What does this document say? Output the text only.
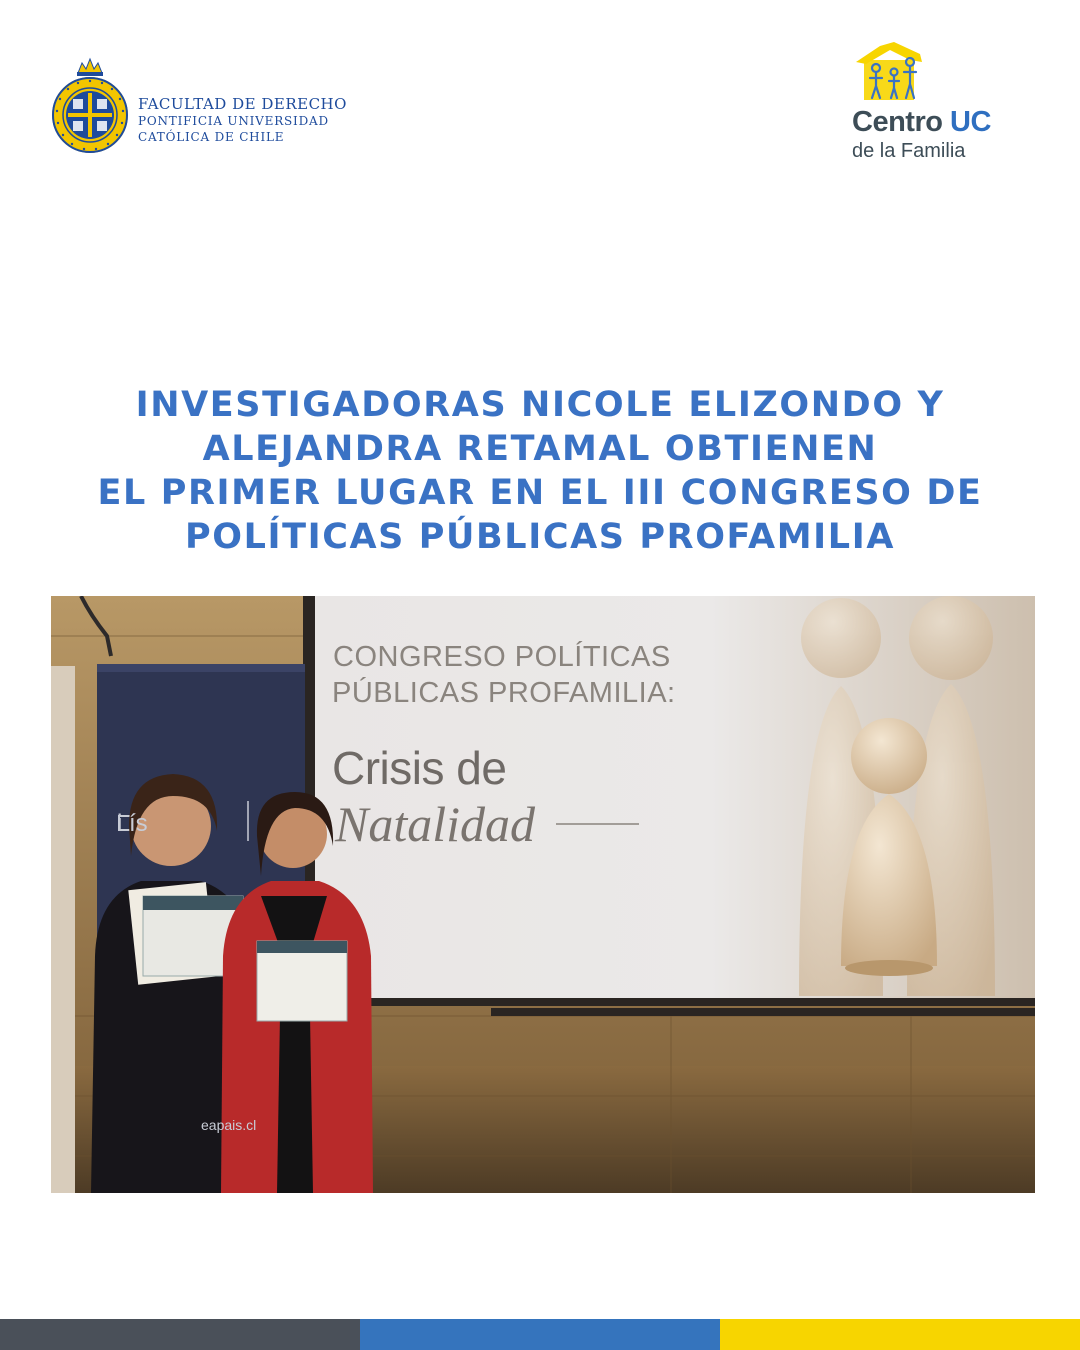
FACULTAD DE DERECHO
PONTIFICIA UNIVERSIDAD
CATÓLICA DE CHILE	Centro UC
de la Familia
INVESTIGADORAS NICOLE ELIZONDO Y
ALEJANDRA RETAMAL OBTIENEN
EL PRIMER LUGAR EN EL III CONGRESO DE
POLÍTICAS PÚBLICAS PROFAMILIA
CONGRESO POLÍTICAS
PÚBLICAS PROFAMILIA:
Crisis de
Natalidad
i ís
eapais.cl
